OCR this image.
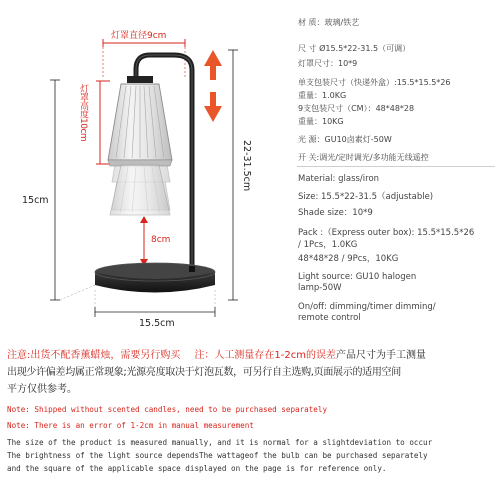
灯罩直径9cm
灯罩高度10cm
15cm
22-31.5cm
8cm
15.5cm
材 质：玻璃/铁艺
尺 寸 Ø15.5*22-31.5（可调）
灯罩尺寸：10*9
单支包装尺寸（快递外盒）:15.5*15.5*26
重量：1.0KG
9支包装尺寸（CM）：48*48*28
重量：10KG
光 源：GU10卤素灯-50W
开 关:调光/定时调光/多功能无线遥控
Material: glass/iron
Size: 15.5*22-31.5（adjustable)
Shade size：10*9
Pack :（Express outer box): 15.5*15.5*26
/ 1Pcs，1.0KG
48*48*28 / 9Pcs，10KG
Light source: GU10 halogen
lamp-50W
On/off: dimming/timer dimming/
remote control
注意:出货不配香薰蜡烛，需要另行购买 注：人工测量存在1-2cm的误差产品尺寸为手工测量
出现少许偏差均属正常现象;光源亮度取决于灯泡瓦数，可另行自主选购,页面展示的适用空间
平方仅供参考。
Note: Shipped without scented candles, need to be purchased separately
Note: There is an error of 1-2cm in manual measurement
The size of the product is measured manually, and it is normal for a slightdeviation to occur
The brightness of the light source dependsThe wattageof the bulb can be purchased separately
and the square of the applicable space displayed on the page is for reference only.
